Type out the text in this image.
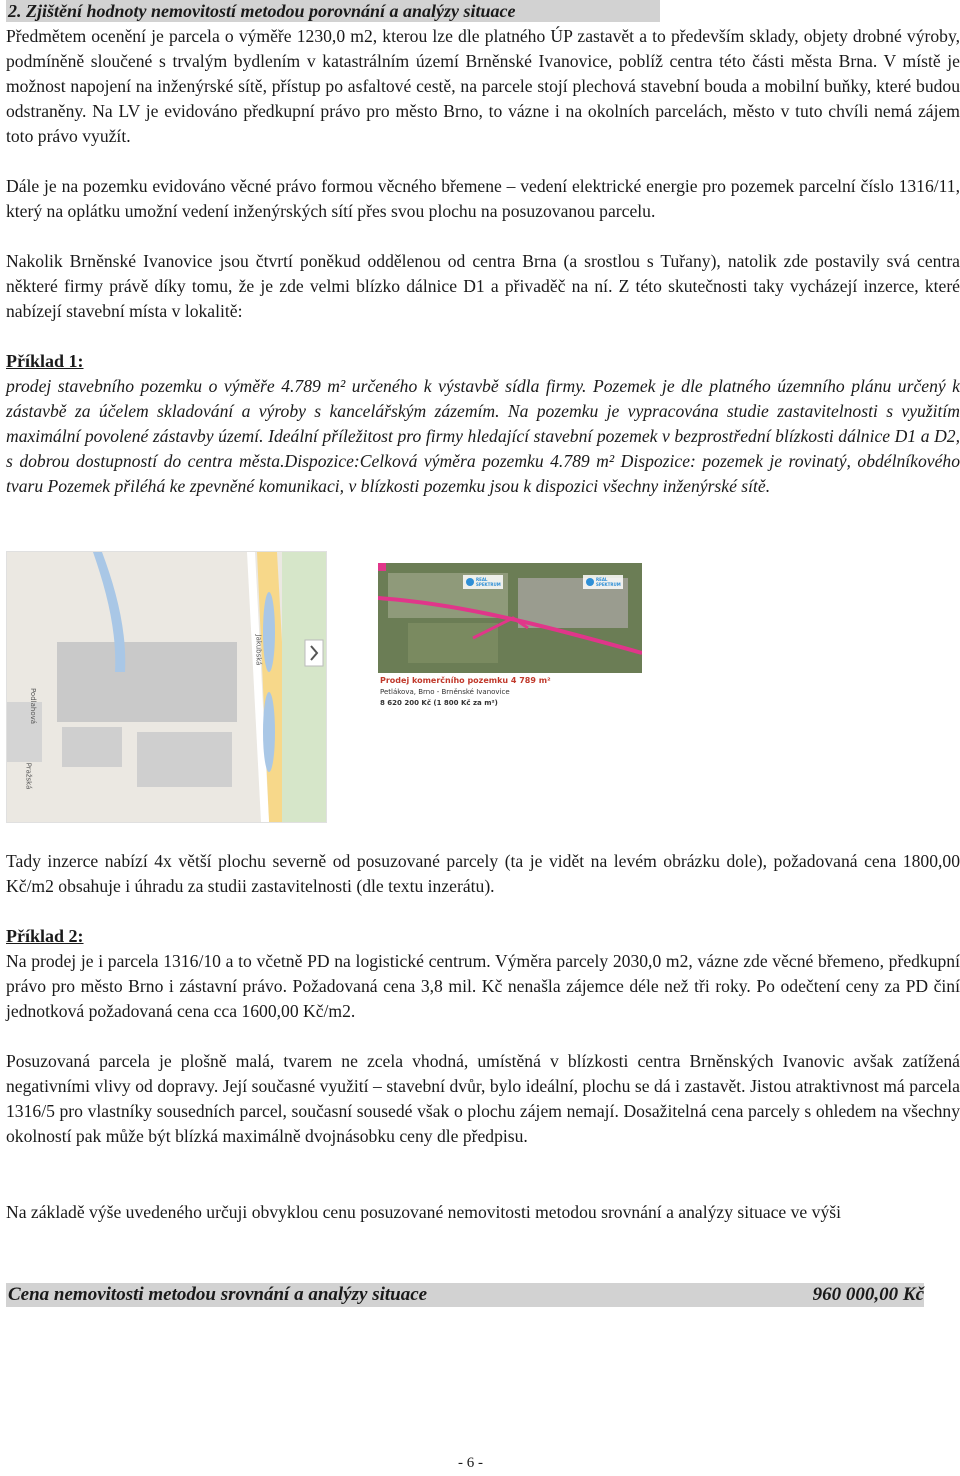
2. Zjištění hodnoty nemovitostí metodou porovnání a analýzy situace

Předmětem ocenění je parcela o výměře 1230,0 m2, kterou lze dle platného ÚP zastavět a to především sklady, objety drobné výroby, podmíněně sloučené s trvalým bydlením v katastrálním území Brněnské Ivanovice, poblíž centra této části města Brna. V místě je možnost napojení na inženýrské sítě, přístup po asfaltové cestě, na parcele stojí plechová stavební bouda a mobilní buňky, které budou odstraněny. Na LV je evidováno předkupní právo pro město Brno, to vázne i na okolních parcelách, město v tuto chvíli nemá zájem toto právo využít.

Dále je na pozemku evidováno věcné právo formou věcného břemene – vedení elektrické energie pro pozemek parcelní číslo 1316/11, který na oplátku umožní vedení inženýrských sítí přes svou plochu na posuzovanou parcelu.

Nakolik Brněnské Ivanovice jsou čtvrtí poněkud oddělenou od centra Brna (a srostlou s Tuřany), natolik zde postavily svá centra některé firmy právě díky tomu, že je zde velmi blízko dálnice D1 a přivaděč na ní. Z této skutečnosti taky vycházejí inzerce, které nabízejí stavební místa v lokalitě:

Příklad 1:

prodej stavebního pozemku o výměře 4.789 m² určeného k výstavbě sídla firmy. Pozemek je dle platného územního plánu určený k zástavbě za účelem skladování a výroby s kancelářským zázemím. Na pozemku je vypracována studie zastavitelnosti s využitím maximální povolené zástavby území. Ideální příležitost pro firmy hledající stavební pozemek v bezprostřední blízkosti dálnice D1 a D2, s dobrou dostupností do centra města.Dispozice:Celková výměra pozemku 4.789 m² Dispozice: pozemek je rovinatý, obdélníkového tvaru Pozemek přiléhá ke zpevněné komunikaci, v blízkosti pozemku jsou k dispozici všechny inženýrské sítě.

Jakubská
Podlahová
Pražská
REAL SPEKTRUM
REAL SPEKTRUM
Prodej komerčního pozemku 4 789 m²
Petlákova, Brno - Brněnské Ivanovice
8 620 200 Kč (1 800 Kč za m²)

Tady inzerce nabízí 4x větší plochu severně od posuzované parcely (ta je vidět na levém obrázku dole), požadovaná cena 1800,00 Kč/m2 obsahuje i úhradu za studii zastavitelnosti (dle textu inzerátu).

Příklad 2:

Na prodej je i parcela 1316/10 a to včetně PD na logistické centrum. Výměra parcely 2030,0 m2, vázne zde věcné břemeno, předkupní právo pro město Brno i zástavní právo. Požadovaná cena 3,8 mil. Kč nenašla zájemce déle než tři roky. Po odečtení ceny za PD činí jednotková požadovaná cena cca 1600,00 Kč/m2.

Posuzovaná parcela je plošně malá, tvarem ne zcela vhodná, umístěná v blízkosti centra Brněnských Ivanovic avšak zatížená negativními vlivy od dopravy. Její současné využití – stavební dvůr, bylo ideální, plochu se dá i zastavět. Jistou atraktivnost má parcela 1316/5 pro vlastníky sousedních parcel, současní sousedé však o plochu zájem nemají. Dosažitelná cena parcely s ohledem na všechny okolností pak může být blízká maximálně dvojnásobku ceny dle předpisu.

Na základě výše uvedeného určuji obvyklou cenu posuzované nemovitosti metodou srovnání a analýzy situace ve výši

Cena nemovitosti metodou srovnání a analýzy situace	960 000,00 Kč
- 6 -
